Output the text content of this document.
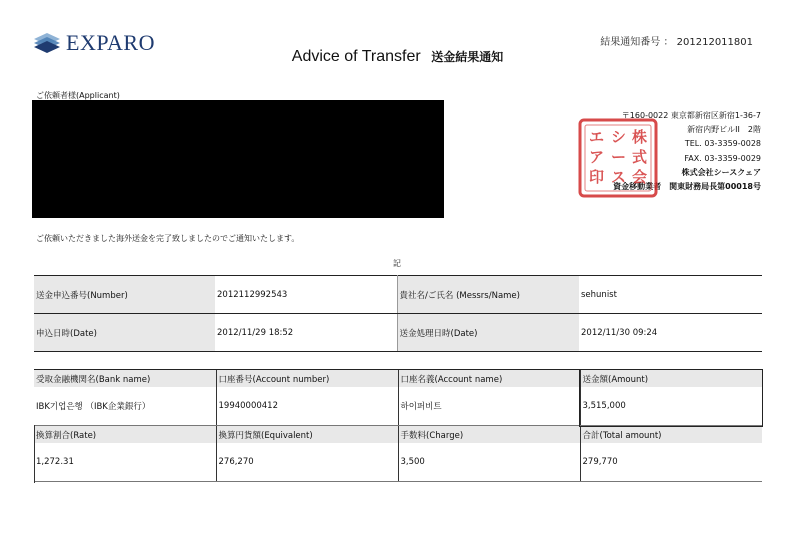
EXPARO	結果通知番号 ： 201212011801
Advice of Transfer 送金結果通知
ご依頼者様(Applicant)
〒160-0022 東京都新宿区新宿1-36-7
新宿内野ビルII　2階
TEL. 03-3359-0028
FAX. 03-3359-0029
株式会社シースクェア
資金移動業者　関東財務局長第00018号
株
式
会
シ
ー
ス
エ
ア
印
ご依頼いただきました海外送金を完了致しましたのでご通知いたします。
記
送金申込番号(Number)	2012112992543	貴社名/ご氏名 (Messrs/Name)	sehunist
申込日時(Date)	2012/11/29 18:52	送金処理日時(Date)	2012/11/30 09:24
受取金融機関名(Bank name)	口座番号(Account number)	口座名義(Account name)	送金額(Amount)
IBK기업은행 （IBK企業銀行）	19940000412	하이퍼비트	3,515,000
換算割合(Rate)	換算円貨額(Equivalent)	手数料(Charge)	合計(Total amount)
1,272.31	276,270	3,500	279,770
